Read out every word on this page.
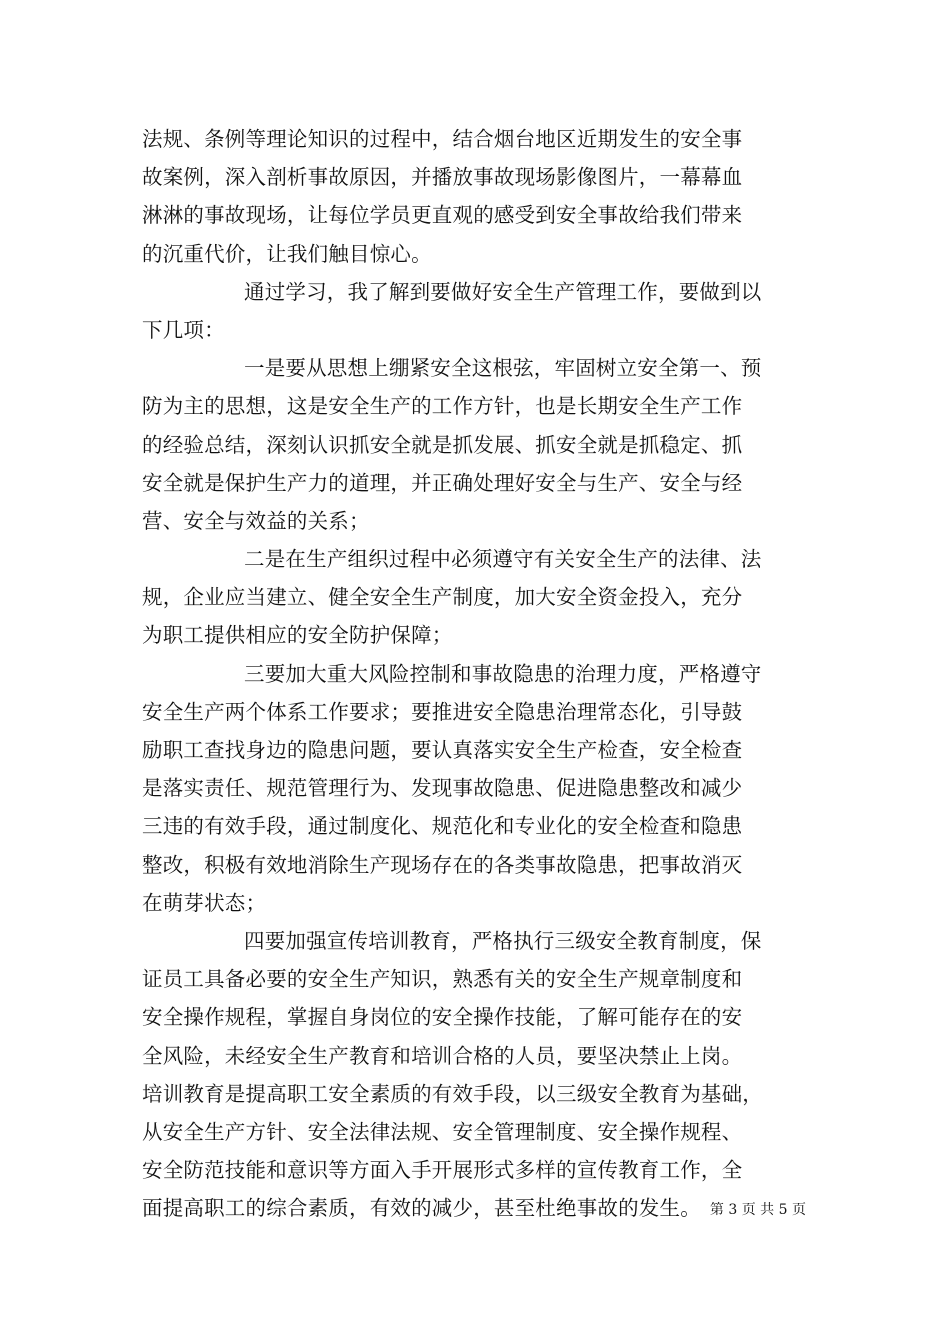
法规、条例等理论知识的过程中，结合烟台地区近期发生的安全事
故案例，深入剖析事故原因，并播放事故现场影像图片，一幕幕血
淋淋的事故现场，让每位学员更直观的感受到安全事故给我们带来
的沉重代价，让我们触目惊心。
通过学习，我了解到要做好安全生产管理工作，要做到以
下几项：
一是要从思想上绷紧安全这根弦，牢固树立安全第一、预
防为主的思想，这是安全生产的工作方针，也是长期安全生产工作
的经验总结，深刻认识抓安全就是抓发展、抓安全就是抓稳定、抓
安全就是保护生产力的道理，并正确处理好安全与生产、安全与经
营、安全与效益的关系；
二是在生产组织过程中必须遵守有关安全生产的法律、法
规，企业应当建立、健全安全生产制度，加大安全资金投入，充分
为职工提供相应的安全防护保障；
三要加大重大风险控制和事故隐患的治理力度，严格遵守
安全生产两个体系工作要求；要推进安全隐患治理常态化，引导鼓
励职工查找身边的隐患问题，要认真落实安全生产检查，安全检查
是落实责任、规范管理行为、发现事故隐患、促进隐患整改和减少
三违的有效手段，通过制度化、规范化和专业化的安全检查和隐患
整改，积极有效地消除生产现场存在的各类事故隐患，把事故消灭
在萌芽状态；
四要加强宣传培训教育，严格执行三级安全教育制度，保
证员工具备必要的安全生产知识，熟悉有关的安全生产规章制度和
安全操作规程，掌握自身岗位的安全操作技能，了解可能存在的安
全风险，未经安全生产教育和培训合格的人员，要坚决禁止上岗。
培训教育是提高职工安全素质的有效手段，以三级安全教育为基础，
从安全生产方针、安全法律法规、安全管理制度、安全操作规程、
安全防范技能和意识等方面入手开展形式多样的宣传教育工作，全
面提高职工的综合素质，有效的减少，甚至杜绝事故的发生。 第 3 页 共 5 页
